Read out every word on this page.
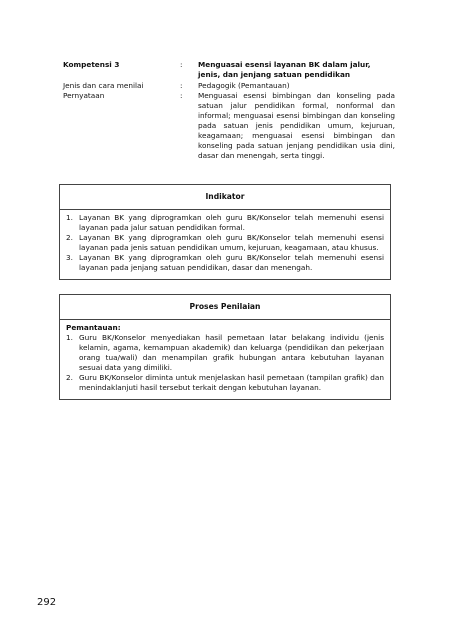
Kompetensi 3	:	Menguasai esensi layanan BK dalam jalur, jenis, dan jenjang satuan pendidikan
Jenis dan cara menilai	:	Pedagogik (Pemantauan)
Pernyataan	:	Menguasai esensi bimbingan dan konseling pada satuan jalur pendidikan formal, nonformal dan informal; menguasai esensi bimbingan dan konseling pada satuan jenis pendidikan umum, kejuruan, keagamaan; menguasai esensi bimbingan dan konseling pada satuan jenjang pendidikan usia dini, dasar dan menengah, serta tinggi.
Indikator
1. Layanan BK yang diprogramkan oleh guru BK/Konselor telah memenuhi esensi layanan pada jalur satuan pendidikan formal.
2. Layanan BK yang diprogramkan oleh guru BK/Konselor telah memenuhi esensi layanan pada jenis satuan pendidikan umum, kejuruan, keagamaan, atau khusus.
3. Layanan BK yang diprogramkan oleh guru BK/Konselor telah memenuhi esensi layanan pada jenjang satuan pendidikan, dasar dan menengah.
Proses Penilaian
Pemantauan:
1. Guru BK/Konselor menyediakan hasil pemetaan latar belakang individu (jenis kelamin, agama, kemampuan akademik) dan keluarga (pendidikan dan pekerjaan orang tua/wali) dan menampilan grafik hubungan antara kebutuhan layanan sesuai data yang dimiliki.
2. Guru BK/Konselor diminta untuk menjelaskan hasil pemetaan (tampilan grafik) dan menindaklanjuti hasil tersebut terkait dengan kebutuhan layanan.
292
